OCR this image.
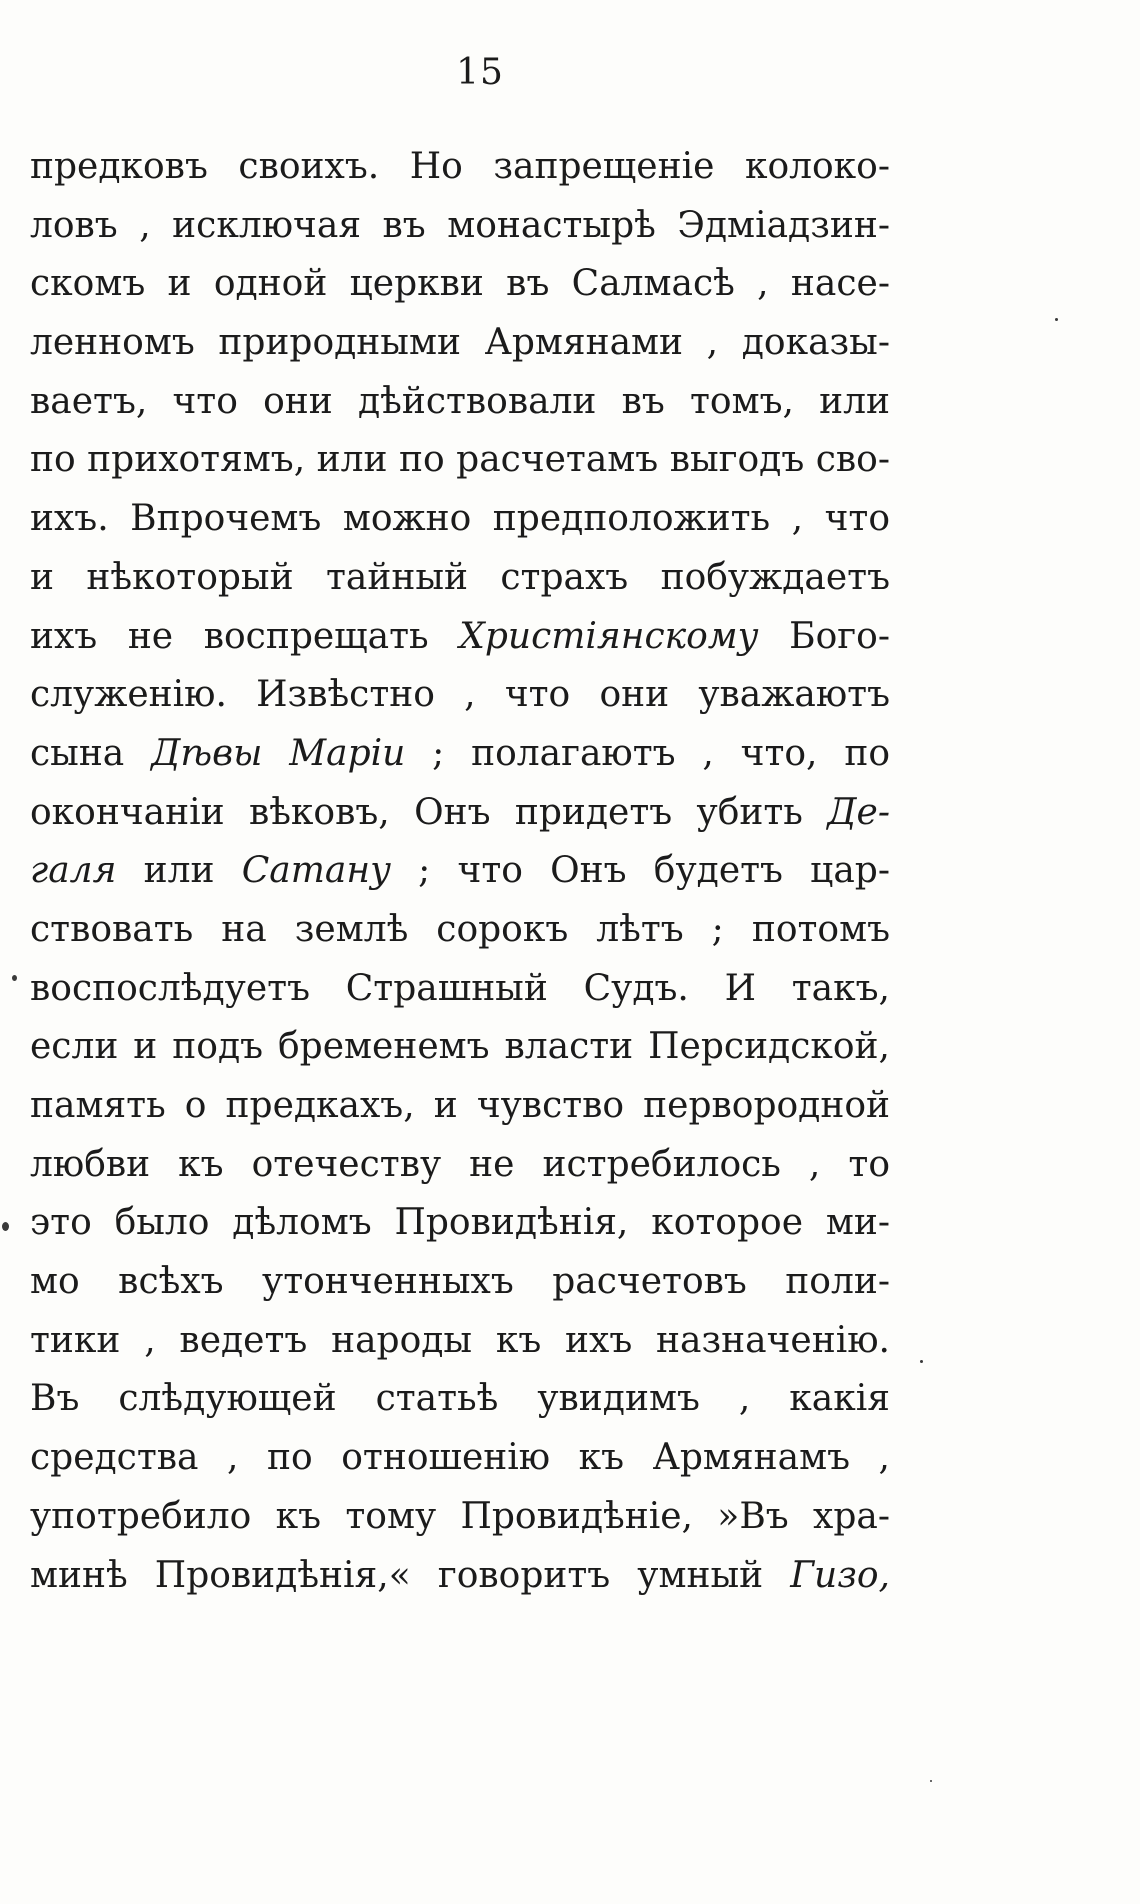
15
предковъ своихъ. Но запрещенiе колоко-
ловъ , исключая въ монастырѣ Эдмiадзин-
скомъ и одной церкви въ Салмасѣ , насе-
ленномъ природными Армянами , доказы-
ваетъ, что они дѣйствовали въ томъ, или
по прихотямъ, или по расчетамъ выгодъ сво-
ихъ. Впрочемъ можно предположить , что
и нѣкоторый тайный страхъ побуждаетъ
ихъ не воспрещать Христiянскому Бого-
служенiю. Извѣстно , что они уважаютъ
сына Дѣвы Марiи ; полагаютъ , что, по
окончанiи вѣковъ, Онъ придетъ убить Де-
галя или Сатану ; что Онъ будетъ цар-
ствовать на землѣ сорокъ лѣтъ ; потомъ
воспослѣдуетъ Страшный Судъ. И такъ,
если и подъ бременемъ власти Персидской,
память о предкахъ, и чувство первородной
любви къ отечеству не истребилось , то
это было дѣломъ Провидѣнiя, которое ми-
мо всѣхъ утонченныхъ расчетовъ поли-
тики , ведетъ народы къ ихъ назначенiю.
Въ слѣдующей статьѣ увидимъ , какiя
средства , по отношенiю къ Армянамъ ,
употребило къ тому Провидѣнiе, »Въ хра-
минѣ Провидѣнiя,« говоритъ умный Гизо,
